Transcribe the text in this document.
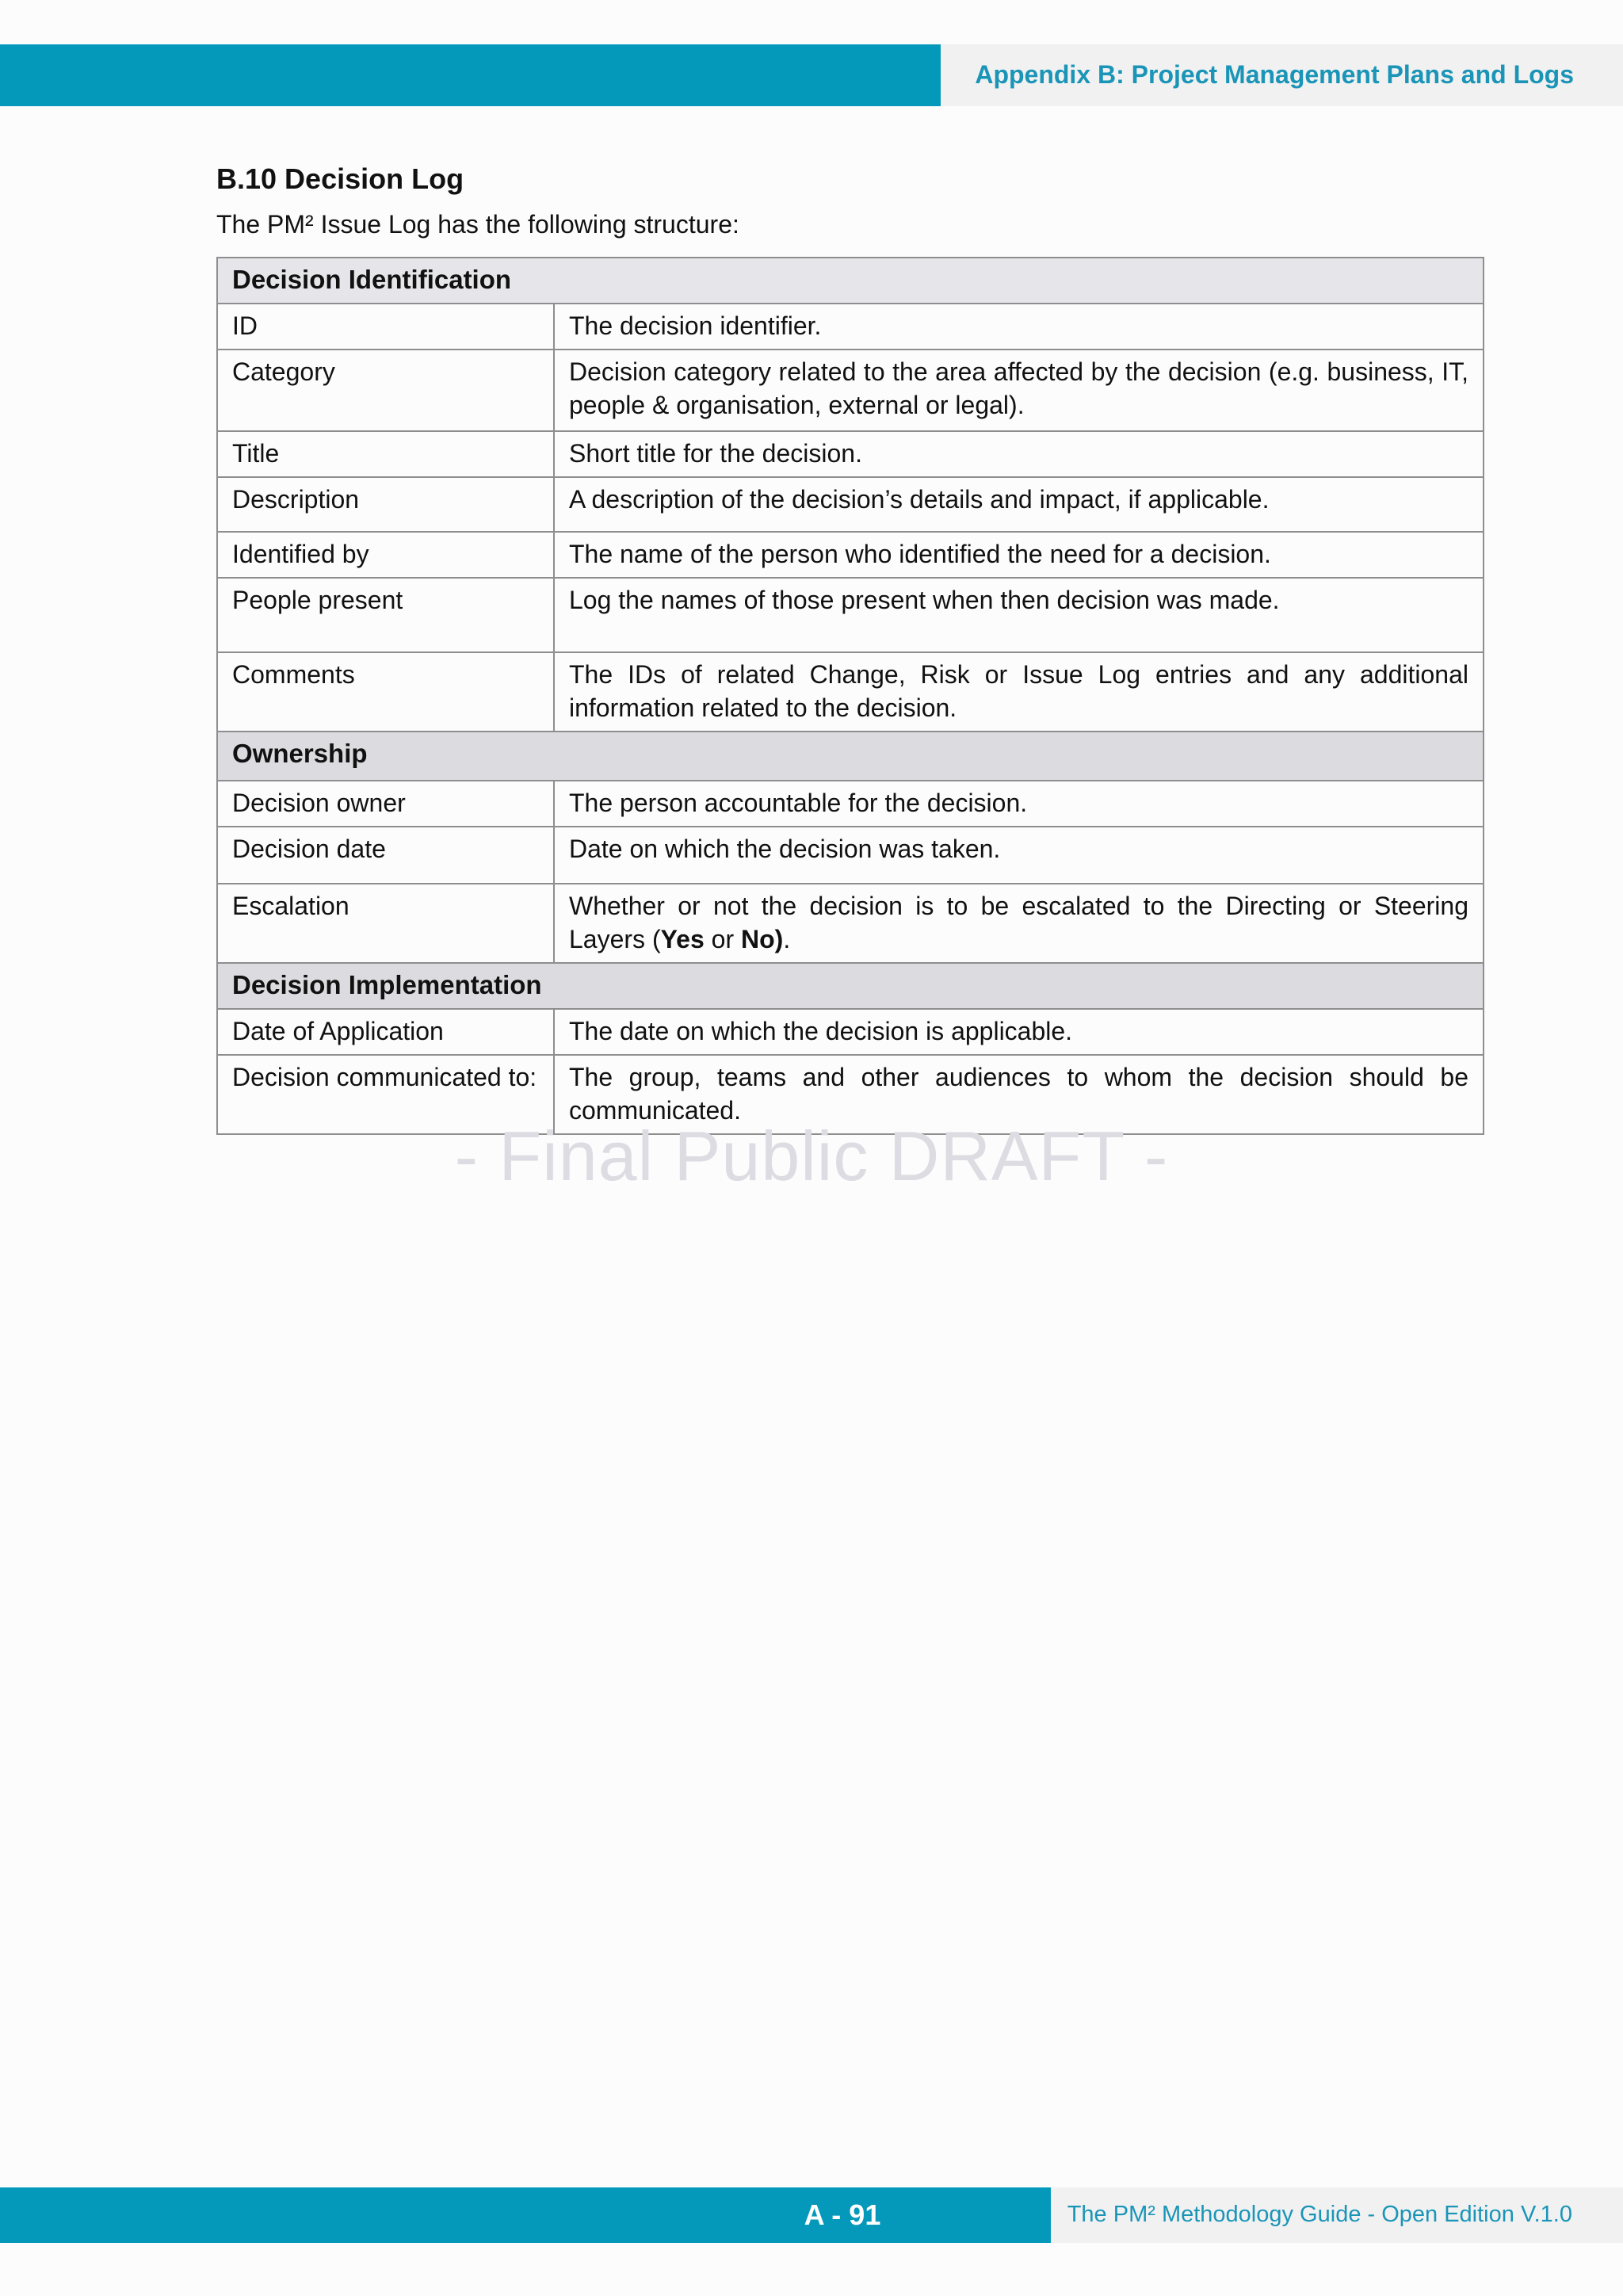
Appendix B: Project Management Plans and Logs
B.10 Decision Log
The PM² Issue Log has the following structure:
Decision Identification	
ID	The decision identifier.
Category	Decision category related to the area affected by the decision (e.g. business, IT, people & organisation, external or legal).
Title	Short title for the decision.
Description	A description of the decision’s details and impact, if applicable.
Identified by	The name of the person who identified the need for a decision.
People present	Log the names of those present when then decision was made.
Comments	The IDs of related Change, Risk or Issue Log entries and any additional information related to the decision.
Ownership	
Decision owner	The person accountable for the decision.
Decision date	Date on which the decision was taken.
Escalation	Whether or not the decision is to be escalated to the Directing or Steering Layers (Yes or No).
Decision Implementation	
Date of Application	The date on which the decision is applicable.
Decision communicated to:	The group, teams and other audiences to whom the decision should be communicated.
- Final Public DRAFT -
The PM² Methodology Guide - Open Edition V.1.0
A - 91
